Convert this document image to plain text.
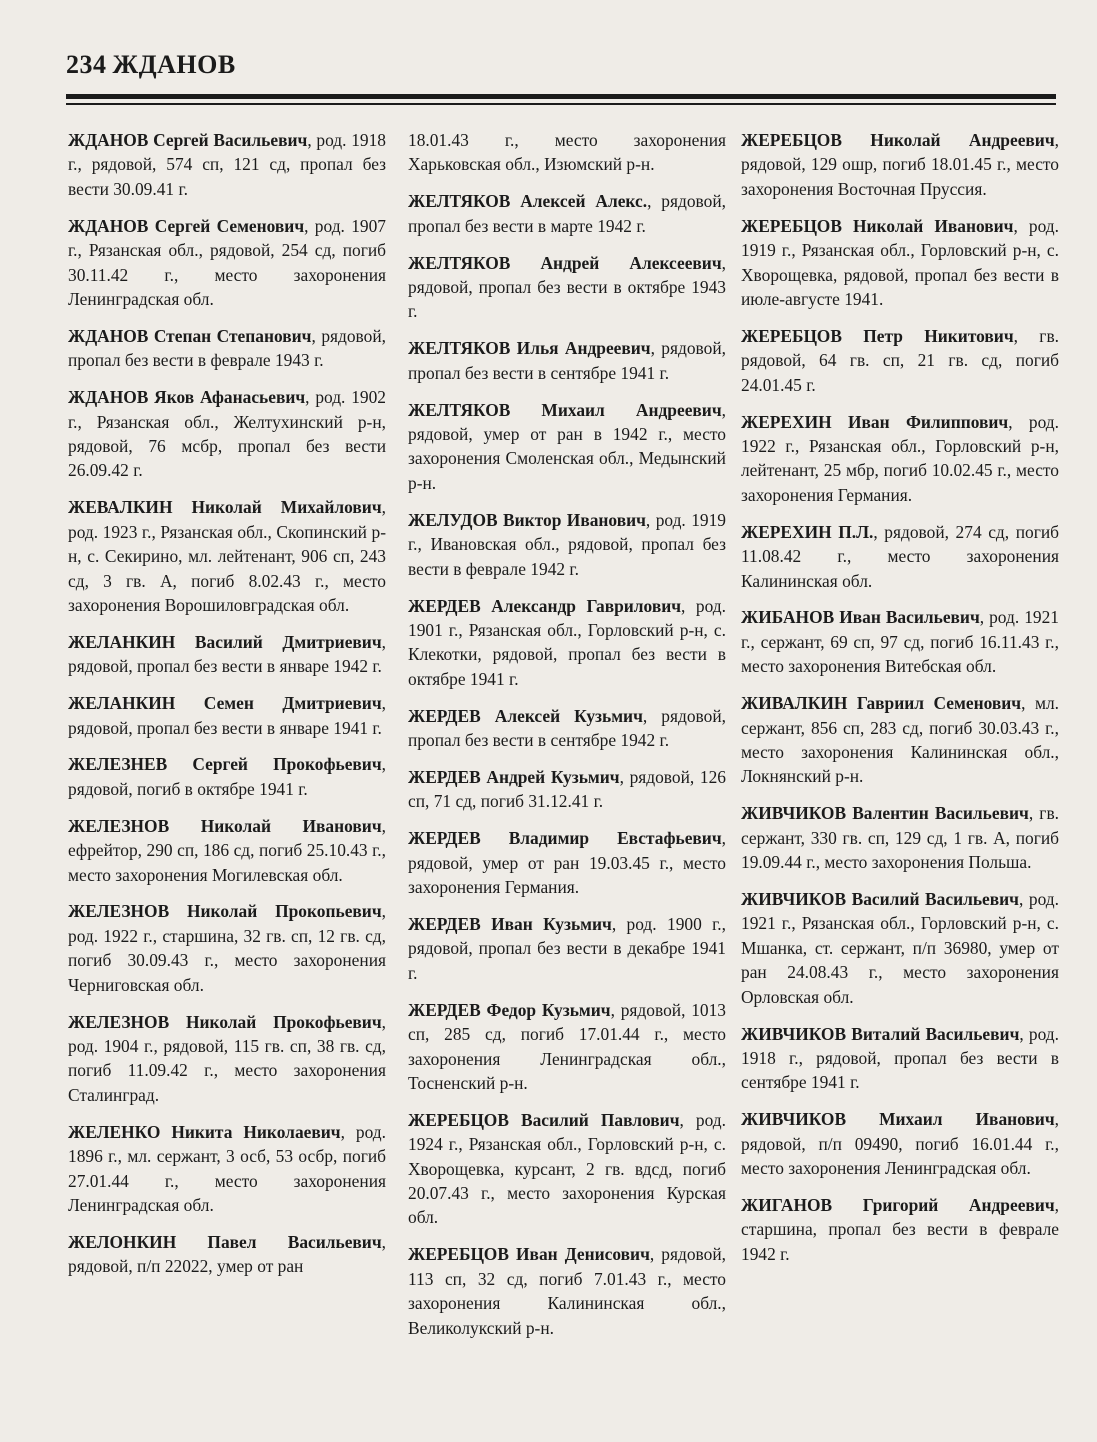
234 ЖДАНОВ

ЖДАНОВ Сергей Васильевич, род. 1918 г., рядовой, 574 сп, 121 сд, пропал без вести 30.09.41 г.

ЖДАНОВ Сергей Семенович, род. 1907 г., Рязанская обл., рядовой, 254 сд, погиб 30.11.42 г., место захоронения Ленинградская обл.

ЖДАНОВ Степан Степанович, рядовой, пропал без вести в феврале 1943 г.

ЖДАНОВ Яков Афанасьевич, род. 1902 г., Рязанская обл., Желтухинский р-н, рядовой, 76 мсбр, пропал без вести 26.09.42 г.

ЖЕВАЛКИН Николай Михайлович, род. 1923 г., Рязанская обл., Скопинский р-н, с. Секирино, мл. лейтенант, 906 сп, 243 сд, 3 гв. А, погиб 8.02.43 г., место захоронения Ворошиловградская обл.

ЖЕЛАНКИН Василий Дмитриевич, рядовой, пропал без вести в январе 1942 г.

ЖЕЛАНКИН Семен Дмитриевич, рядовой, пропал без вести в январе 1941 г.

ЖЕЛЕЗНЕВ Сергей Прокофьевич, рядовой, погиб в октябре 1941 г.

ЖЕЛЕЗНОВ Николай Иванович, ефрейтор, 290 сп, 186 сд, погиб 25.10.43 г., место захоронения Могилевская обл.

ЖЕЛЕЗНОВ Николай Прокопьевич, род. 1922 г., старшина, 32 гв. сп, 12 гв. сд, погиб 30.09.43 г., место захоронения Черниговская обл.

ЖЕЛЕЗНОВ Николай Прокофьевич, род. 1904 г., рядовой, 115 гв. сп, 38 гв. сд, погиб 11.09.42 г., место захоронения Сталинград.

ЖЕЛЕНКО Никита Николаевич, род. 1896 г., мл. сержант, 3 осб, 53 осбр, погиб 27.01.44 г., место захоронения Ленинградская обл.

ЖЕЛОНКИН Павел Васильевич, рядовой, п/п 22022, умер от ран

18.01.43 г., место захоронения Харьковская обл., Изюмский р-н.

ЖЕЛТЯКОВ Алексей Алекс., рядовой, пропал без вести в марте 1942 г.

ЖЕЛТЯКОВ Андрей Алексеевич, рядовой, пропал без вести в октябре 1943 г.

ЖЕЛТЯКОВ Илья Андреевич, рядовой, пропал без вести в сентябре 1941 г.

ЖЕЛТЯКОВ Михаил Андреевич, рядовой, умер от ран в 1942 г., место захоронения Смоленская обл., Медынский р-н.

ЖЕЛУДОВ Виктор Иванович, род. 1919 г., Ивановская обл., рядовой, пропал без вести в феврале 1942 г.

ЖЕРДЕВ Александр Гаврилович, род. 1901 г., Рязанская обл., Горловский р-н, с. Клекотки, рядовой, пропал без вести в октябре 1941 г.

ЖЕРДЕВ Алексей Кузьмич, рядовой, пропал без вести в сентябре 1942 г.

ЖЕРДЕВ Андрей Кузьмич, рядовой, 126 сп, 71 сд, погиб 31.12.41 г.

ЖЕРДЕВ Владимир Евстафьевич, рядовой, умер от ран 19.03.45 г., место захоронения Германия.

ЖЕРДЕВ Иван Кузьмич, род. 1900 г., рядовой, пропал без вести в декабре 1941 г.

ЖЕРДЕВ Федор Кузьмич, рядовой, 1013 сп, 285 сд, погиб 17.01.44 г., место захоронения Ленинградская обл., Тосненский р-н.

ЖЕРЕБЦОВ Василий Павлович, род. 1924 г., Рязанская обл., Горловский р-н, с. Хворощевка, курсант, 2 гв. вдсд, погиб 20.07.43 г., место захоронения Курская обл.

ЖЕРЕБЦОВ Иван Денисович, рядовой, 113 сп, 32 сд, погиб 7.01.43 г., место захоронения Калининская обл., Великолукский р-н.

ЖЕРЕБЦОВ Николай Андреевич, рядовой, 129 ошр, погиб 18.01.45 г., место захоронения Восточная Пруссия.

ЖЕРЕБЦОВ Николай Иванович, род. 1919 г., Рязанская обл., Горловский р-н, с. Хворощевка, рядовой, пропал без вести в июле-августе 1941.

ЖЕРЕБЦОВ Петр Никитович, гв. рядовой, 64 гв. сп, 21 гв. сд, погиб 24.01.45 г.

ЖЕРЕХИН Иван Филиппович, род. 1922 г., Рязанская обл., Горловский р-н, лейтенант, 25 мбр, погиб 10.02.45 г., место захоронения Германия.

ЖЕРЕХИН П.Л., рядовой, 274 сд, погиб 11.08.42 г., место захоронения Калининская обл.

ЖИБАНОВ Иван Васильевич, род. 1921 г., сержант, 69 сп, 97 сд, погиб 16.11.43 г., место захоронения Витебская обл.

ЖИВАЛКИН Гавриил Семенович, мл. сержант, 856 сп, 283 сд, погиб 30.03.43 г., место захоронения Калининская обл., Локнянский р-н.

ЖИВЧИКОВ Валентин Васильевич, гв. сержант, 330 гв. сп, 129 сд, 1 гв. А, погиб 19.09.44 г., место захоронения Польша.

ЖИВЧИКОВ Василий Васильевич, род. 1921 г., Рязанская обл., Горловский р-н, с. Мшанка, ст. сержант, п/п 36980, умер от ран 24.08.43 г., место захоронения Орловская обл.

ЖИВЧИКОВ Виталий Васильевич, род. 1918 г., рядовой, пропал без вести в сентябре 1941 г.

ЖИВЧИКОВ Михаил Иванович, рядовой, п/п 09490, погиб 16.01.44 г., место захоронения Ленинградская обл.

ЖИГАНОВ Григорий Андреевич, старшина, пропал без вести в феврале 1942 г.
